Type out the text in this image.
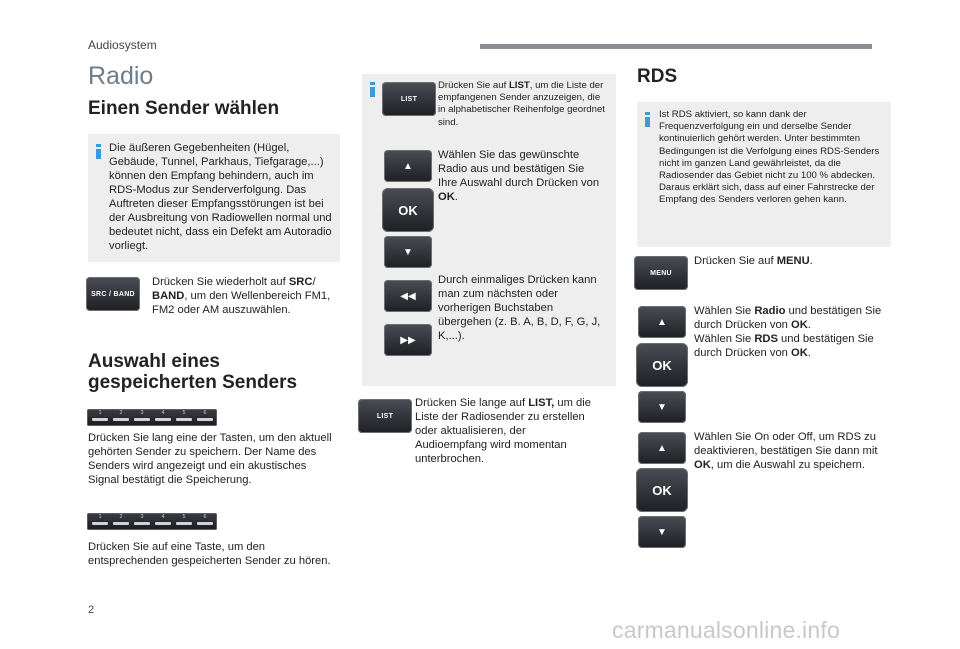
Audiosystem
Radio
Einen Sender wählen
Die äußeren Gegebenheiten (Hügel, Gebäude, Tunnel, Parkhaus, Tiefgarage,...) können den Empfang behindern, auch im RDS-Modus zur Senderverfolgung. Das Auftreten dieser Empfangsstörungen ist bei der Ausbreitung von Radiowellen normal und bedeutet nicht, dass ein Defekt am Autoradio vorliegt.
SRC / BAND
Drücken Sie wiederholt auf SRC/ BAND, um den Wellenbereich FM1, FM2 oder AM auszuwählen.
Auswahl eines
gespeicherten Senders
1	2	3	4	5	6
Drücken Sie lang eine der Tasten, um den aktuell gehörten Sender zu speichern. Der Name des Senders wird angezeigt und ein akustisches Signal bestätigt die Speicherung.
1	2	3	4	5	6
Drücken Sie auf eine Taste, um den entsprechenden gespeicherten Sender zu hören.
LIST
Drücken Sie auf LIST, um die Liste der empfangenen Sender anzuzeigen, die in alphabetischer Reihenfolge geordnet sind.
▲
OK
▼
Wählen Sie das gewünschte Radio aus und bestätigen Sie Ihre Auswahl durch Drücken von OK.
◀◀
▶▶
Durch einmaliges Drücken kann man zum nächsten oder vorherigen Buchstaben übergehen (z. B. A, B, D, F, G, J, K,...).
LIST
Drücken Sie lange auf LIST, um die Liste der Radiosender zu erstellen oder aktualisieren, der Audioempfang wird momentan unterbrochen.
RDS
Ist RDS aktiviert, so kann dank der Frequenzverfolgung ein und derselbe Sender kontinuierlich gehört werden. Unter bestimmten Bedingungen ist die Verfolgung eines RDS-Senders nicht im ganzen Land gewährleistet, da die Radiosender das Gebiet nicht zu 100 % abdecken. Daraus erklärt sich, dass auf einer Fahrstrecke der Empfang des Senders verloren gehen kann.
MENU
Drücken Sie auf MENU.
▲
OK
▼
Wählen Sie Radio und bestätigen Sie durch Drücken von OK.
Wählen Sie RDS und bestätigen Sie durch Drücken von OK.
▲
OK
▼
Wählen Sie On oder Off, um RDS zu deaktivieren, bestätigen Sie dann mit OK, um die Auswahl zu speichern.
2
carmanualsonline.info
